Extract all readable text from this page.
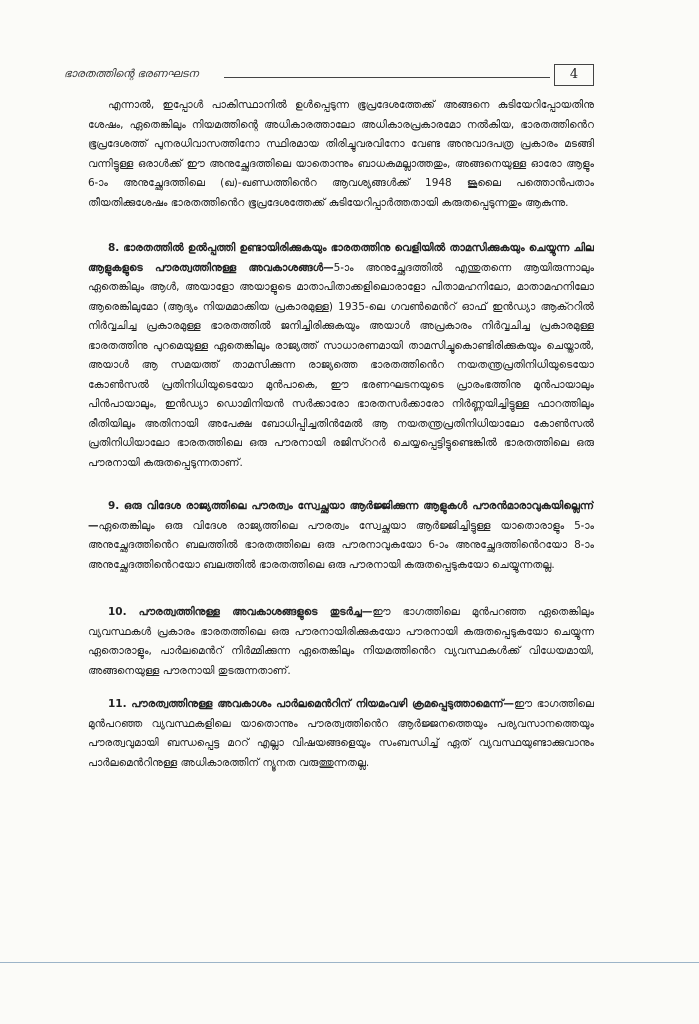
ഭാരതത്തിന്റെ ഭരണഘടന	4

എന്നാൽ, ഇപ്പോൾ പാകിസ്ഥാനിൽ ഉൾപ്പെടുന്ന ഭൂപ്രദേശത്തേക്ക് അങ്ങനെ കുടിയേറിപ്പോയതിനു ശേഷം, ഏതെങ്കിലും നിയമത്തിന്റെ അധികാരത്താലോ അധികാരപ്രകാരമോ നൽകിയ, ഭാരതത്തിൻെറ ഭൂപ്രദേശത്ത് പുനരധിവാസത്തിനോ സ്ഥിരമായ തിരിച്ചുവരവിനോ വേണ്ട അനുവാദപത്ര പ്രകാരം മടങ്ങി വന്നിട്ടുള്ള ഒരാൾക്ക് ഈ അനുച്ഛേദത്തിലെ യാതൊന്നും ബാധകമല്ലാത്തതും, അങ്ങനെയുള്ള ഓരോ ആളും 6-ാം അനുച്ഛേദത്തിലെ (ഖ)-ഖണ്ഡത്തിൻെറ ആവശ്യങ്ങൾക്ക് 1948 ജൂലൈ പത്തൊൻപതാം തീയതിക്കുശേഷം ഭാരതത്തിൻെറ ഭൂപ്രദേശത്തേക്ക് കുടിയേറിപ്പാർത്തതായി കരുതപ്പെടുന്നതും ആകുന്നു.

8. ഭാരതത്തിൽ ഉൽപ്പത്തി ഉണ്ടായിരിക്കുകയും ഭാരതത്തിനു വെളിയിൽ താമസിക്കുകയും ചെയ്യുന്ന ചില ആളുകളുടെ പൗരത്വത്തിനുള്ള അവകാശങ്ങൾ—5-ാം അനുച്ഛേദത്തിൽ എന്തുതന്നെ ആയിരുന്നാലും ഏതെങ്കിലും ആൾ, അയാളോ അയാളുടെ മാതാപിതാക്കളിലൊരാളോ പിതാമഹനിലോ, മാതാമഹനിലോ ആരെങ്കിലുമോ (ആദ്യം നിയമമാക്കിയ പ്രകാരമുള്ള) 1935-ലെ ഗവൺമെൻറ് ഓഫ് ഇൻഡ്യാ ആക്ററിൽ നിർവ്വചിച്ച പ്രകാരമുള്ള ഭാരതത്തിൽ ജനിച്ചിരിക്കുകയും അയാൾ അപ്രകാരം നിർവ്വചിച്ച പ്രകാരമുള്ള ഭാരതത്തിനു പുറമെയുള്ള ഏതെങ്കിലും രാജ്യത്ത് സാധാരണമായി താമസിച്ചുകൊണ്ടിരിക്കുകയും ചെയ്താൽ, അയാൾ ആ സമയത്ത് താമസിക്കുന്ന രാജ്യത്തെ ഭാരതത്തിൻെറ നയതന്ത്രപ്രതിനിധിയുടെയോ കോൺസൽ പ്രതിനിധിയുടെയോ മുൻപാകെ, ഈ ഭരണഘടനയുടെ പ്രാരംഭത്തിനു മുൻപായാലും പിൻപായാലും, ഇൻഡ്യാ ഡൊമിനിയൻ സർക്കാരോ ഭാരതസർക്കാരോ നിർണ്ണയിച്ചിട്ടുള്ള ഫാറത്തിലും രീതിയിലും അതിനായി അപേക്ഷ ബോധിപ്പിച്ചതിൻമേൽ ആ നയതന്ത്രപ്രതിനിധിയാലോ കോൺസൽ പ്രതിനിധിയാലോ ഭാരതത്തിലെ ഒരു പൗരനായി രജിസ്ററർ ചെയ്യപ്പെട്ടിട്ടുണ്ടെങ്കിൽ ഭാരതത്തിലെ ഒരു പൗരനായി കരുതപ്പെടുന്നതാണ്.

9. ഒരു വിദേശ രാജ്യത്തിലെ പൗരത്വം സ്വേച്ഛയാ ആർജ്ജിക്കുന്ന ആളുകൾ പൗരൻമാരാവുകയില്ലെന്ന്—ഏതെങ്കിലും ഒരു വിദേശ രാജ്യത്തിലെ പൗരത്വം സ്വേച്ഛയാ ആർജ്ജിച്ചിട്ടുള്ള യാതൊരാളും 5-ാം അനുച്ഛേദത്തിൻെറ ബലത്തിൽ ഭാരതത്തിലെ ഒരു പൗരനാവുകയോ 6-ാം അനുച്ഛേദത്തിൻെറയോ 8-ാം അനുച്ഛേദത്തിൻെറയോ ബലത്തിൽ ഭാരതത്തിലെ ഒരു പൗരനായി കരുതപ്പെടുകയോ ചെയ്യുന്നതല്ല.

10. പൗരത്വത്തിനുള്ള അവകാശങ്ങളുടെ തുടർച്ച—ഈ ഭാഗത്തിലെ മുൻപറഞ്ഞ ഏതെങ്കിലും വ്യവസ്ഥകൾ പ്രകാരം ഭാരതത്തിലെ ഒരു പൗരനായിരിക്കുകയോ പൗരനായി കരുതപ്പെടുകയോ ചെയ്യുന്ന ഏതൊരാളും, പാർലമെൻറ് നിർമ്മിക്കുന്ന ഏതെങ്കിലും നിയമത്തിൻെറ വ്യവസ്ഥകൾക്ക് വിധേയമായി, അങ്ങനെയുള്ള പൗരനായി തുടരുന്നതാണ്.

11. പൗരത്വത്തിനുള്ള അവകാശം പാർലമെൻറിന് നിയമംവഴി ക്രമപ്പെടുത്താമെന്ന്—ഈ ഭാഗത്തിലെ മുൻപറഞ്ഞ വ്യവസ്ഥകളിലെ യാതൊന്നും പൗരത്വത്തിൻെറ ആർജ്ജനത്തെയും പര്യവസാനത്തെയും പൗരത്വവുമായി ബന്ധപ്പെട്ട മററ് എല്ലാ വിഷയങ്ങളെയും സംബന്ധിച്ച് ഏത് വ്യവസ്ഥയുണ്ടാക്കുവാനും പാർലമെൻറിനുള്ള അധികാരത്തിന് ന്യൂനത വരുത്തുന്നതല്ല.
